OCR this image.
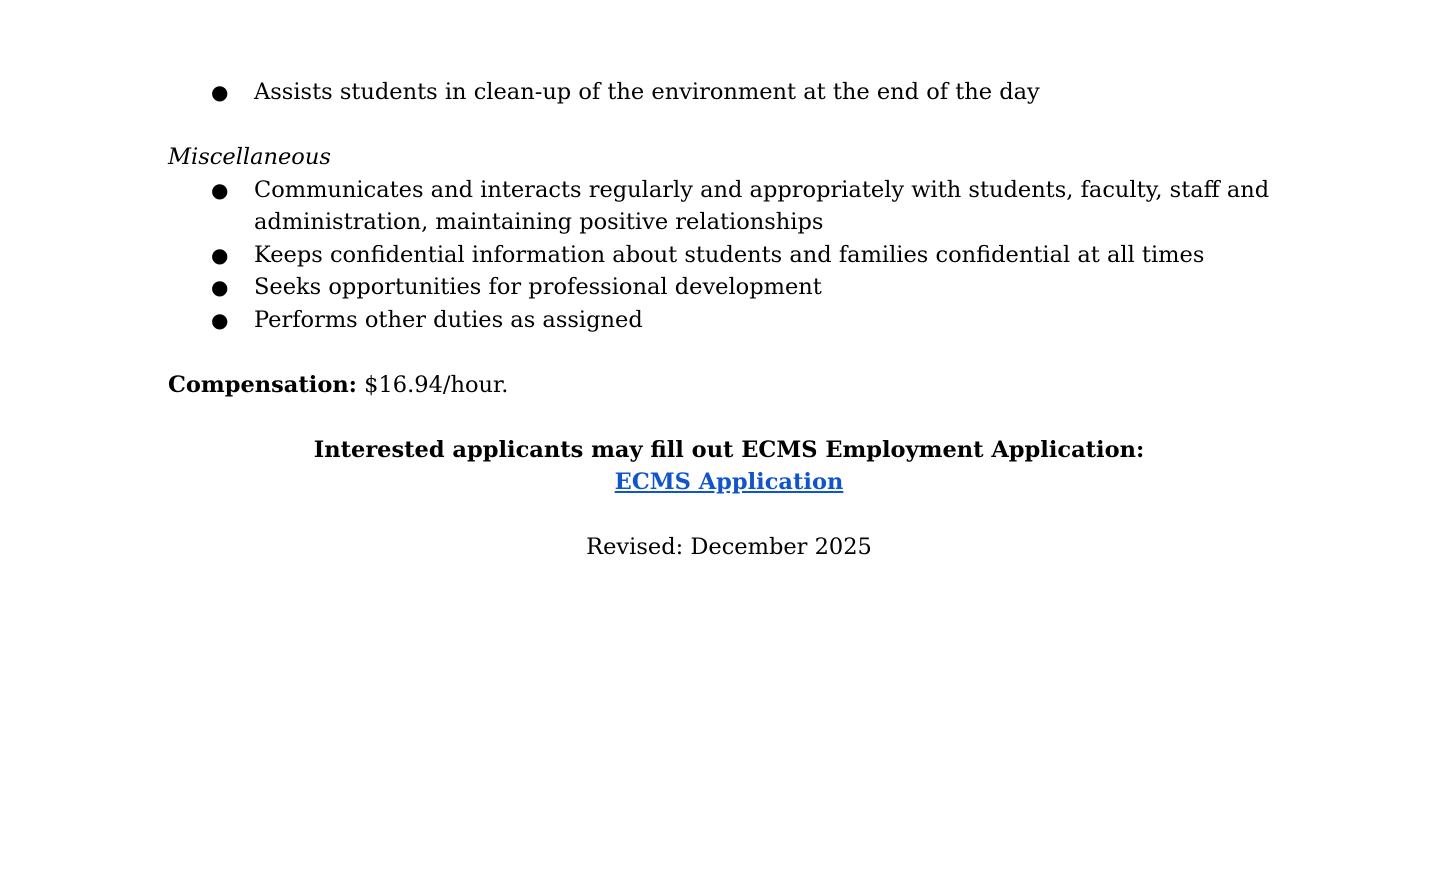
● Assists students in clean-up of the environment at the end of the day
Miscellaneous
● Communicates and interacts regularly and appropriately with students, faculty, staff and administration, maintaining positive relationships
● Keeps confidential information about students and families confidential at all times
● Seeks opportunities for professional development
● Performs other duties as assigned
Compensation: $16.94/hour.
Interested applicants may fill out ECMS Employment Application:
ECMS Application
Revised: December 2025
